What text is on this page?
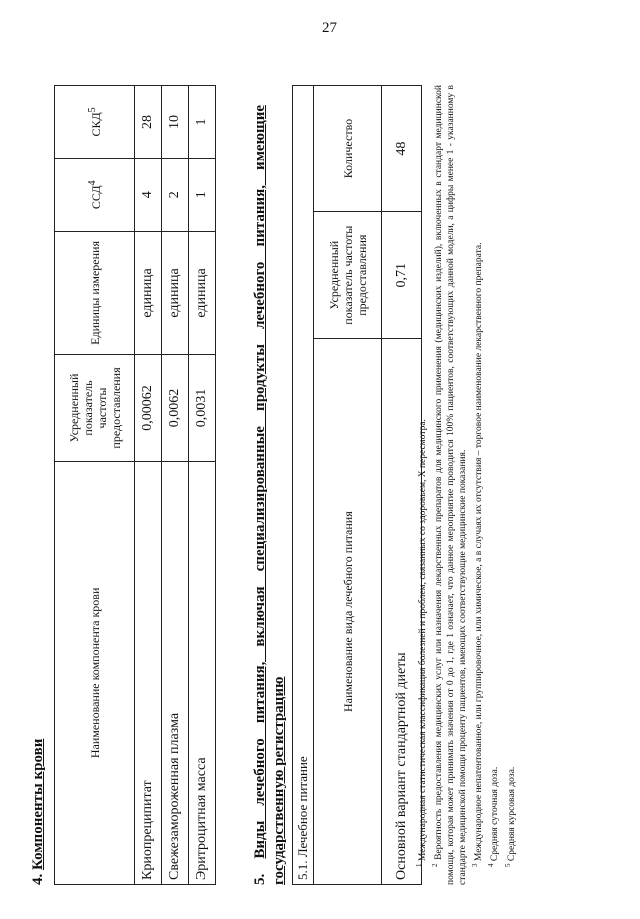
27
4. Компоненты крови
Наименование компонента крови	Усредненный показатель частоты предоставления	Единицы измерения	ССД$^4$	СКД$^5$
Криопреципитат	0,00062	единица	4	28
Свежезамороженная плазма	0,0062	единица	2	10
Эритроцитная масса	0,0031	единица	1	1
5. Виды лечебного питания, включая специализированные продукты лечебного питания, имеющие государственную регистрацию 5.1. Лечебное питание		
Наименование вида лечебного питания	Усредненный показатель частоты предоставления	Количество
Основной вариант стандартной диеты	0,71	48

$^1$ Международная статистическая классификация болезней и проблем, связанных со здоровьем, X пересмотра.

$^2$ Вероятность предоставления медицинских услуг или назначения лекарственных препаратов для медицинского применения (медицинских изделий), включенных в стандарт медицинской помощи, которая может принимать значения от 0 до 1, где 1 означает, что данное мероприятие проводится 100% пациентов, соответствующих данной модели, а цифры менее 1 - указанному в стандарте медицинской помощи проценту пациентов, имеющих соответствующие медицинские показания. $^3$ Международное непатентованное, или группировочное, или химическое, а в случаях их отсутствия – торговое наименование лекарственного препарата.

$^4$ Средняя суточная доза.

$^5$ Средняя курсовая доза.
